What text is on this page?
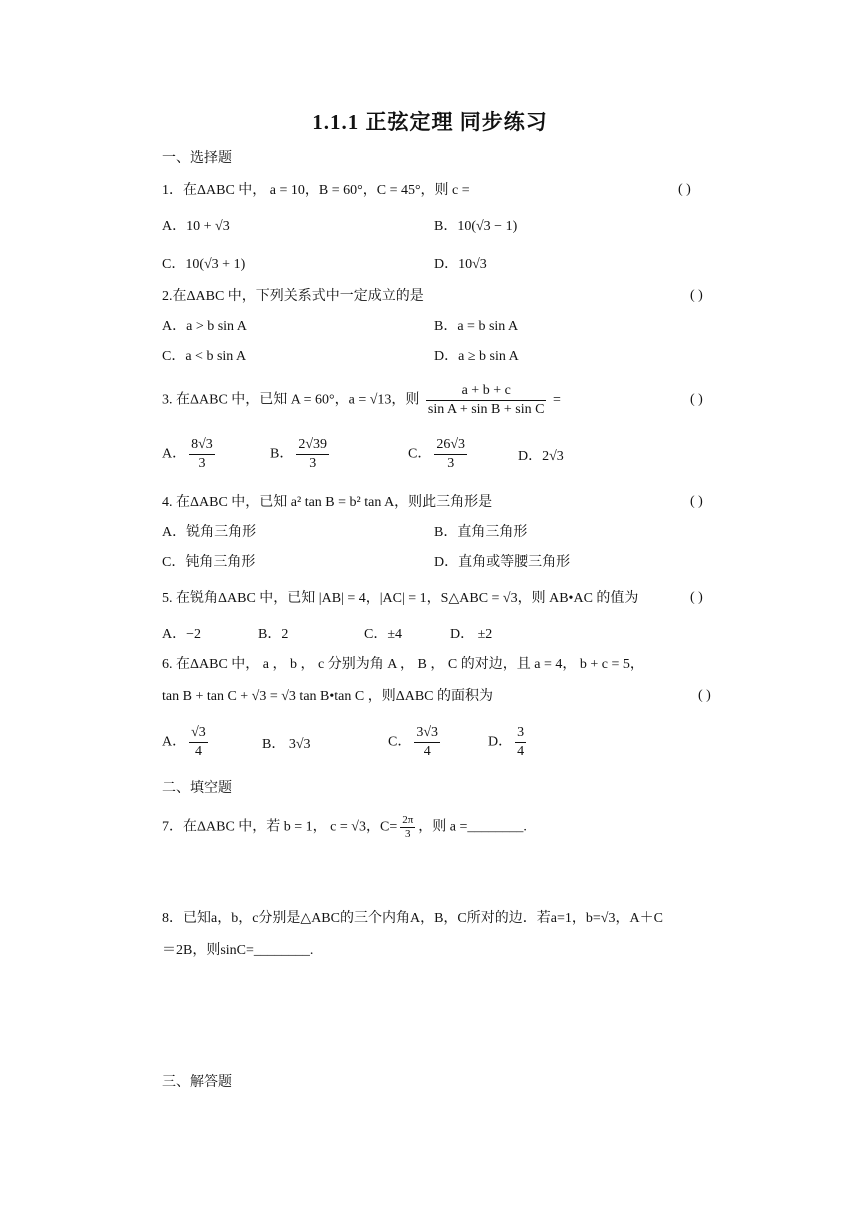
1.1.1 正弦定理 同步练习
一、选择题
1．在ΔABC 中， a = 10，B = 60°，C = 45°，则 c =	( )
A．10 + √3	B．10(√3 − 1)
C．10(√3 + 1)	D．10√3
2.在ΔABC 中，下列关系式中一定成立的是	( )
A．a > b sin A	B．a = b sin A
C．a < b sin A	D．a ≥ b sin A
3. 在ΔABC 中，已知 A = 60°，a = √13，则 $\frac{a + b + c}{\text{sin A + sin B + sin C}}$ =	( )
A． $\frac{8√3}{3}$	B． $\frac{2√39}{3}$	C． $\frac{26√3}{3}$	D．2√3
4. 在ΔABC 中，已知 a² tan B = b² tan A，则此三角形是	( )
A．锐角三角形	B．直角三角形
C．钝角三角形	D．直角或等腰三角形
5. 在锐角ΔABC 中，已知 |AB| = 4，|AC| = 1，S△ABC = √3，则 AB•AC 的值为	( )
A．−2	B．2	C．±4	D． ±2
6. 在ΔABC 中， a ， b ， c 分别为角 A ， B ， C 的对边，且 a = 4， b + c = 5，
tan B + tan C + √3 = √3 tan B•tan C ，则ΔABC 的面积为	( )
A． $\frac{√3}{4}$	B． 3√3	C． $\frac{3√3}{4}$	D． $\frac{3}{4}$
二、填空题
7．在ΔABC 中，若 b = 1， c = √3，$C= \frac{2\pi}{3}$ ，则 a =________.
8．已知a，b，c分别是△ABC的三个内角A，B，C所对的边．若a=1，b=√3，A＋C
＝2B，则sinC=________.
三、解答题
